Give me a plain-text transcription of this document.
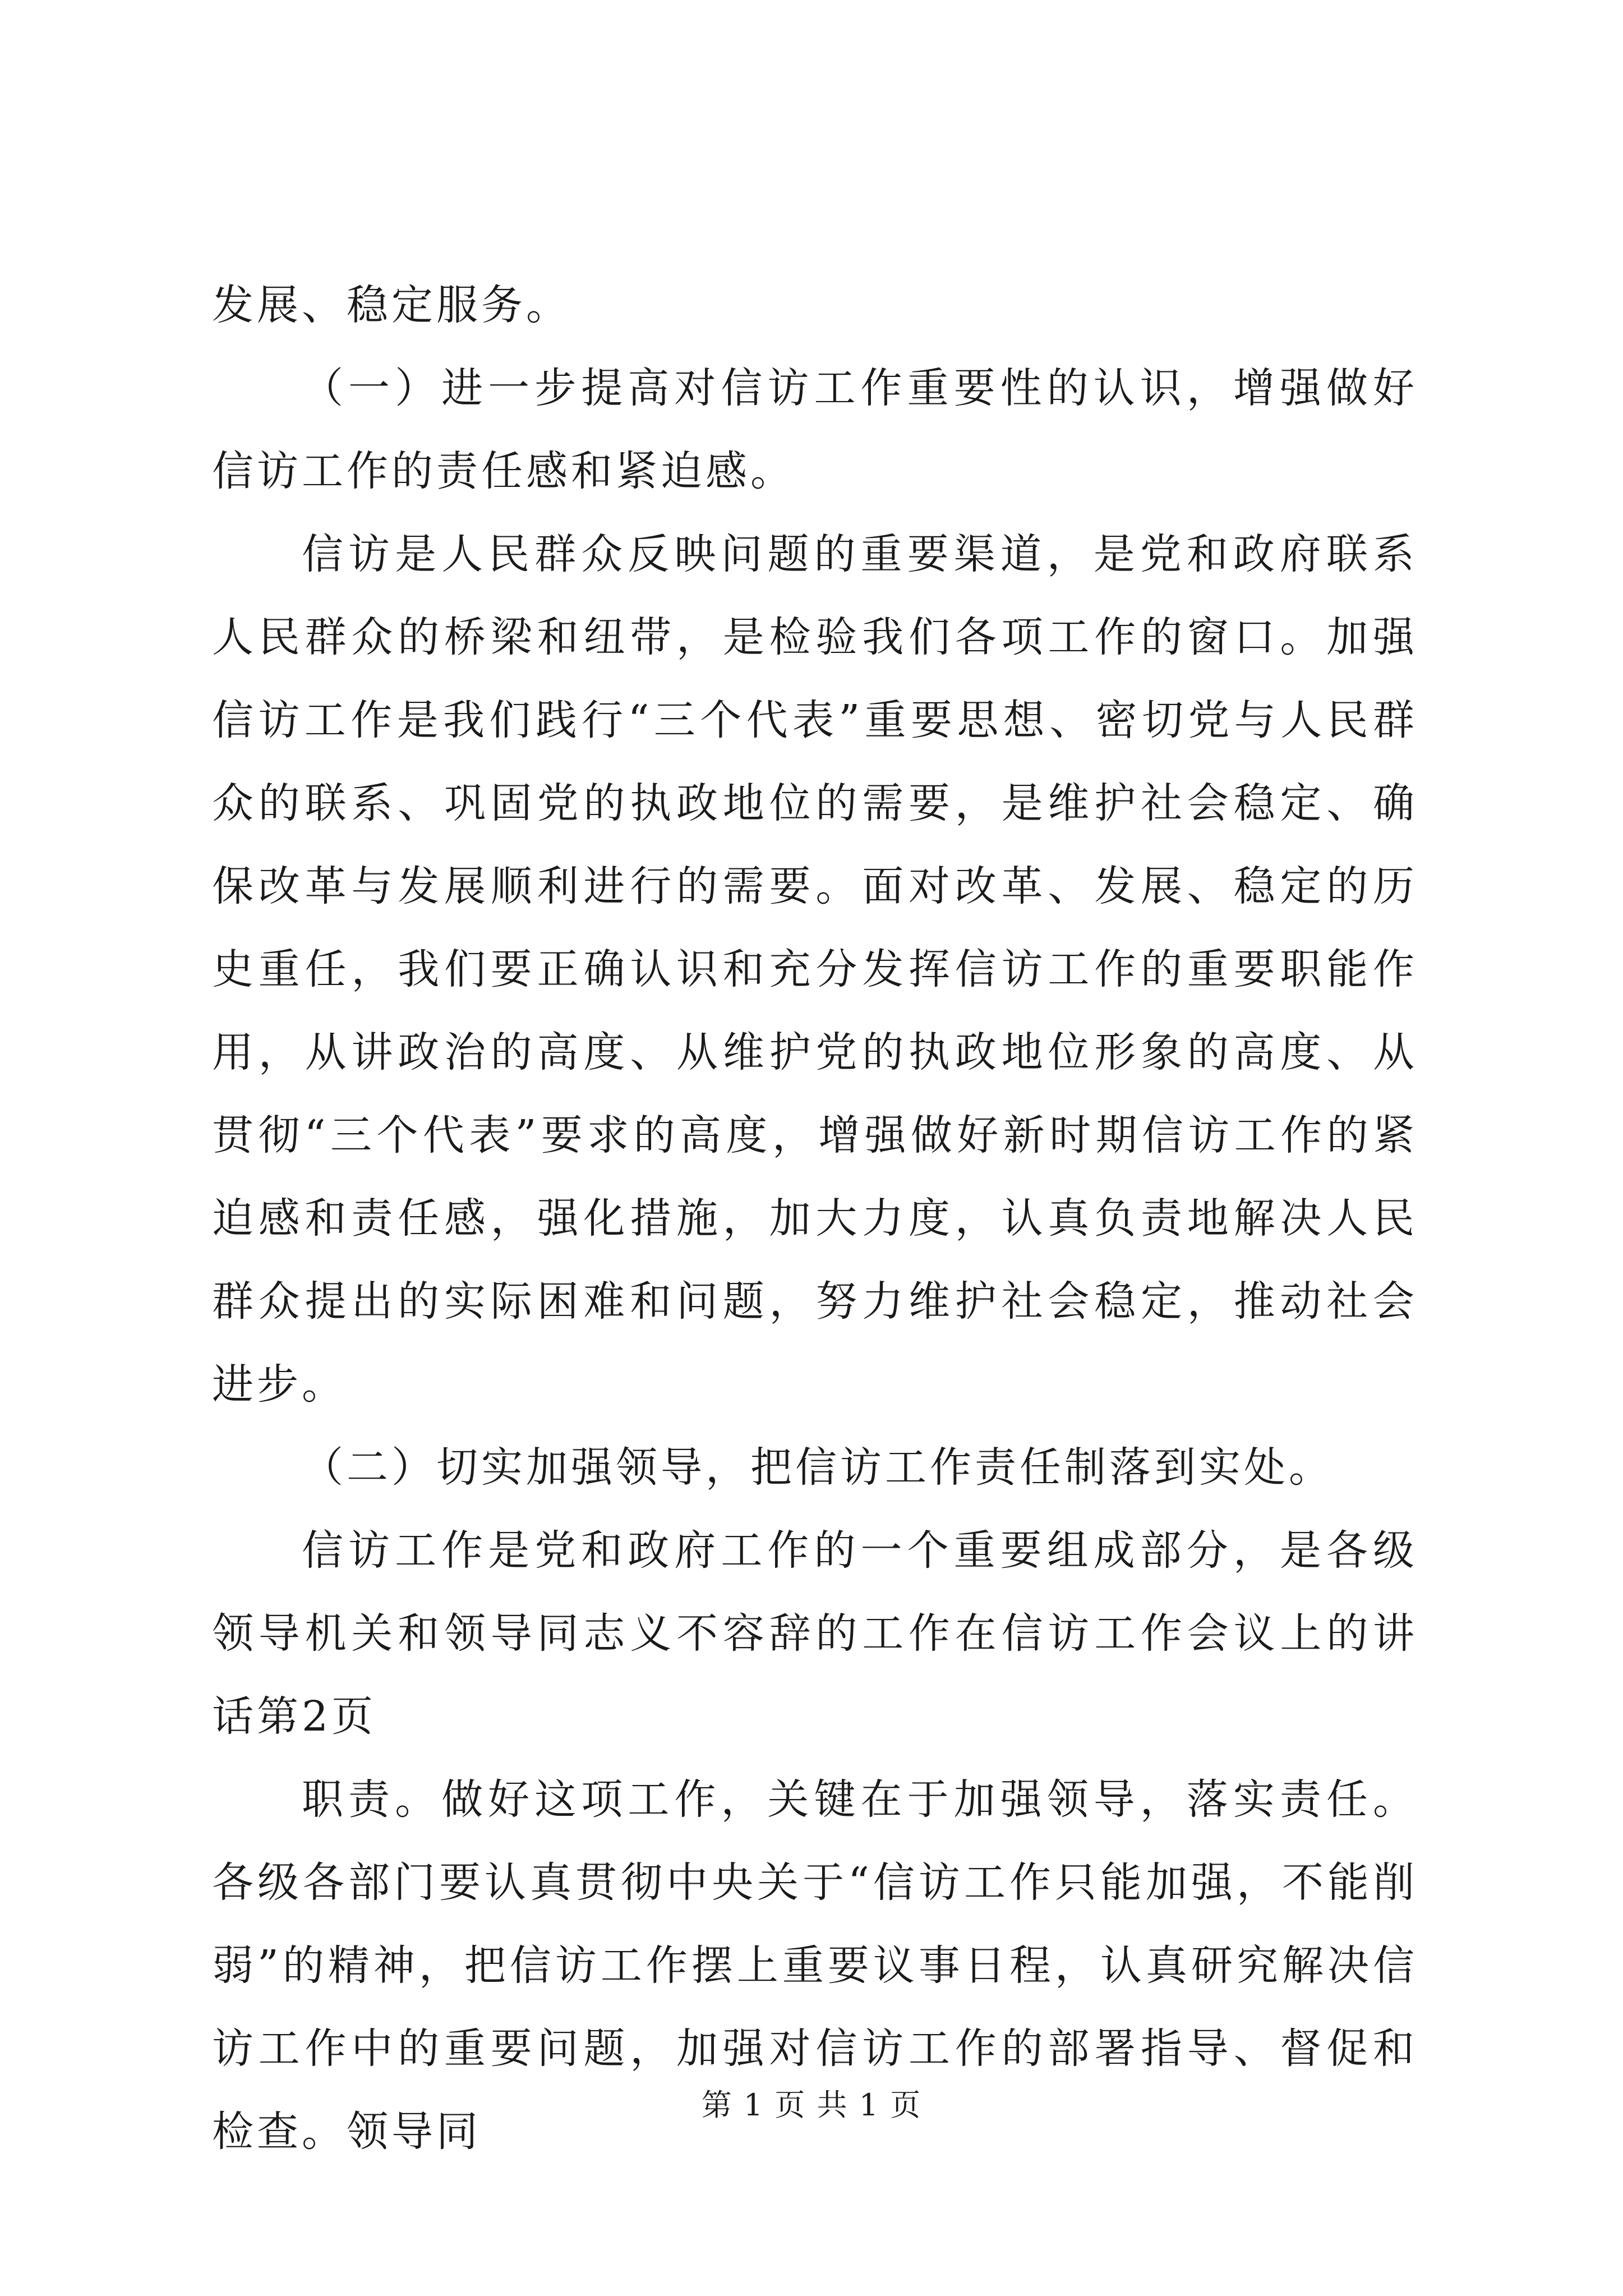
发展、稳定服务。

（一）进一步提高对信访工作重要性的认识，增强做好信访工作的责任感和紧迫感。

信访是人民群众反映问题的重要渠道，是党和政府联系人民群众的桥梁和纽带，是检验我们各项工作的窗口。加强信访工作是我们践行“三个代表”重要思想、密切党与人民群众的联系、巩固党的执政地位的需要，是维护社会稳定、确保改革与发展顺利进行的需要。面对改革、发展、稳定的历史重任，我们要正确认识和充分发挥信访工作的重要职能作用，从讲政治的高度、从维护党的执政地位形象的高度、从贯彻“三个代表”要求的高度，增强做好新时期信访工作的紧迫感和责任感，强化措施，加大力度，认真负责地解决人民群众提出的实际困难和问题，努力维护社会稳定，推动社会进步。

（二）切实加强领导，把信访工作责任制落到实处。

信访工作是党和政府工作的一个重要组成部分，是各级领导机关和领导同志义不容辞的工作在信访工作会议上的讲话第2页

职责。做好这项工作，关键在于加强领导，落实责任。各级各部门要认真贯彻中央关于“信访工作只能加强，不能削弱”的精神，把信访工作摆上重要议事日程，认真研究解决信访工作中的重要问题，加强对信访工作的部署指导、督促和检查。领导同

第 1 页 共 1 页
